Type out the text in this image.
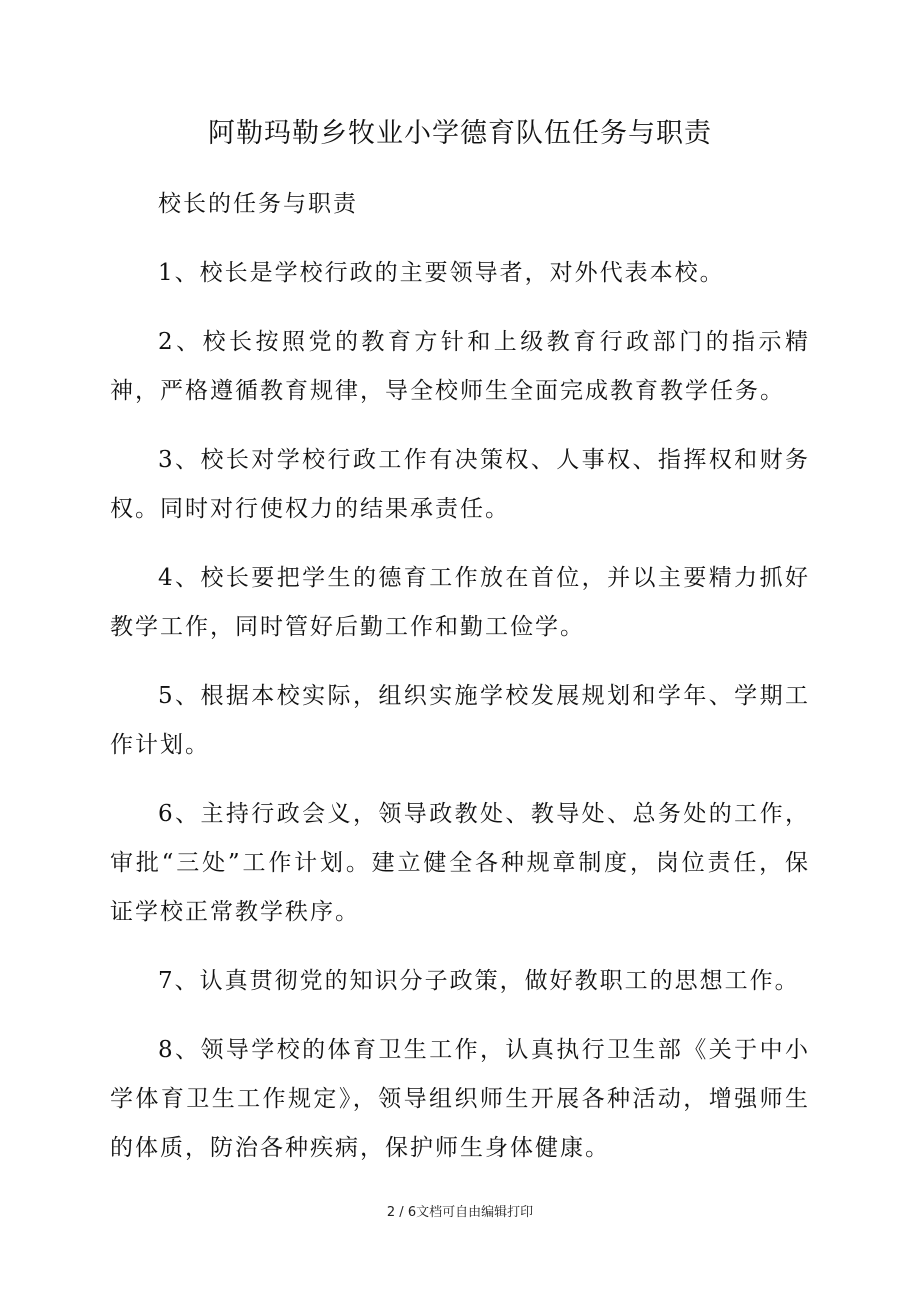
阿勒玛勒乡牧业小学德育队伍任务与职责

校长的任务与职责

1、校长是学校行政的主要领导者，对外代表本校。

2、校长按照党的教育方针和上级教育行政部门的指示精神，严格遵循教育规律，导全校师生全面完成教育教学任务。

3、校长对学校行政工作有决策权、人事权、指挥权和财务权。同时对行使权力的结果承责任。

4、校长要把学生的德育工作放在首位，并以主要精力抓好教学工作，同时管好后勤工作和勤工俭学。

5、根据本校实际，组织实施学校发展规划和学年、学期工作计划。

6、主持行政会义，领导政教处、教导处、总务处的工作，审批“三处”工作计划。建立健全各种规章制度，岗位责任，保证学校正常教学秩序。

7、认真贯彻党的知识分子政策，做好教职工的思想工作。

8、领导学校的体育卫生工作，认真执行卫生部《关于中小学体育卫生工作规定》，领导组织师生开展各种活动，增强师生的体质，防治各种疾病，保护师生身体健康。

2 / 6文档可自由编辑打印
